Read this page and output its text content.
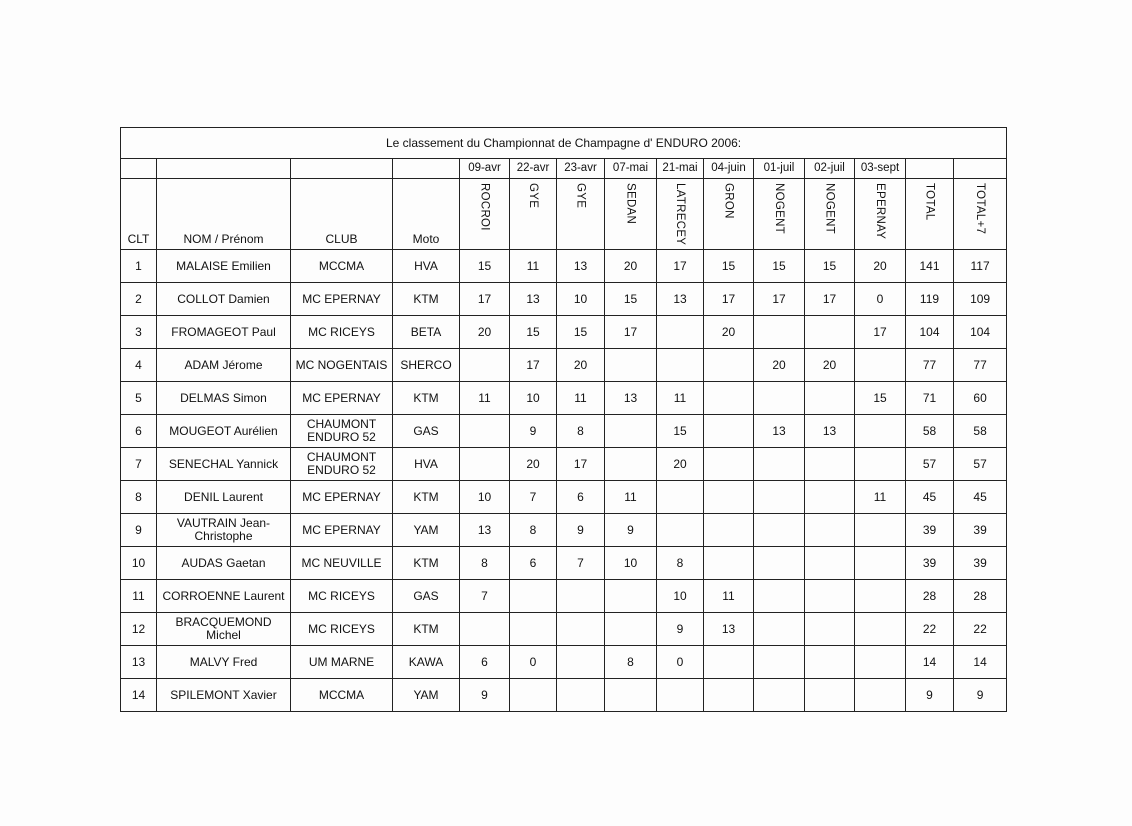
Le classement du Championnat de Champagne d' ENDURO 2006:														
				09-avr	22-avr	23-avr	07-mai	21-mai	04-juin	01-juil	02-juil	03-sept		
CLT	NOM / Prénom	CLUB	Moto	ROCROI	GYE	GYE	SEDAN	LATRECEY	GRON	NOGENT	NOGENT	EPERNAY	TOTAL	TOTAL+7
1	MALAISE Emilien	MCCMA	HVA	15	11	13	20	17	15	15	15	20	141	117
2	COLLOT Damien	MC EPERNAY	KTM	17	13	10	15	13	17	17	17	0	119	109
3	FROMAGEOT Paul	MC RICEYS	BETA	20	15	15	17		20			17	104	104
4	ADAM Jérome	MC NOGENTAIS	SHERCO		17	20				20	20		77	77
5	DELMAS Simon	MC EPERNAY	KTM	11	10	11	13	11				15	71	60
6	MOUGEOT Aurélien	CHAUMONT ENDURO 52	GAS		9	8		15		13	13		58	58
7	SENECHAL Yannick	CHAUMONT ENDURO 52	HVA		20	17		20					57	57
8	DENIL Laurent	MC EPERNAY	KTM	10	7	6	11					11	45	45
9	VAUTRAIN Jean-Christophe	MC EPERNAY	YAM	13	8	9	9						39	39
10	AUDAS Gaetan	MC NEUVILLE	KTM	8	6	7	10	8					39	39
11	CORROENNE Laurent	MC RICEYS	GAS	7				10	11				28	28
12	BRACQUEMOND Michel	MC RICEYS	KTM					9	13				22	22
13	MALVY Fred	UM MARNE	KAWA	6	0		8	0					14	14
14	SPILEMONT Xavier	MCCMA	YAM	9									9	9
